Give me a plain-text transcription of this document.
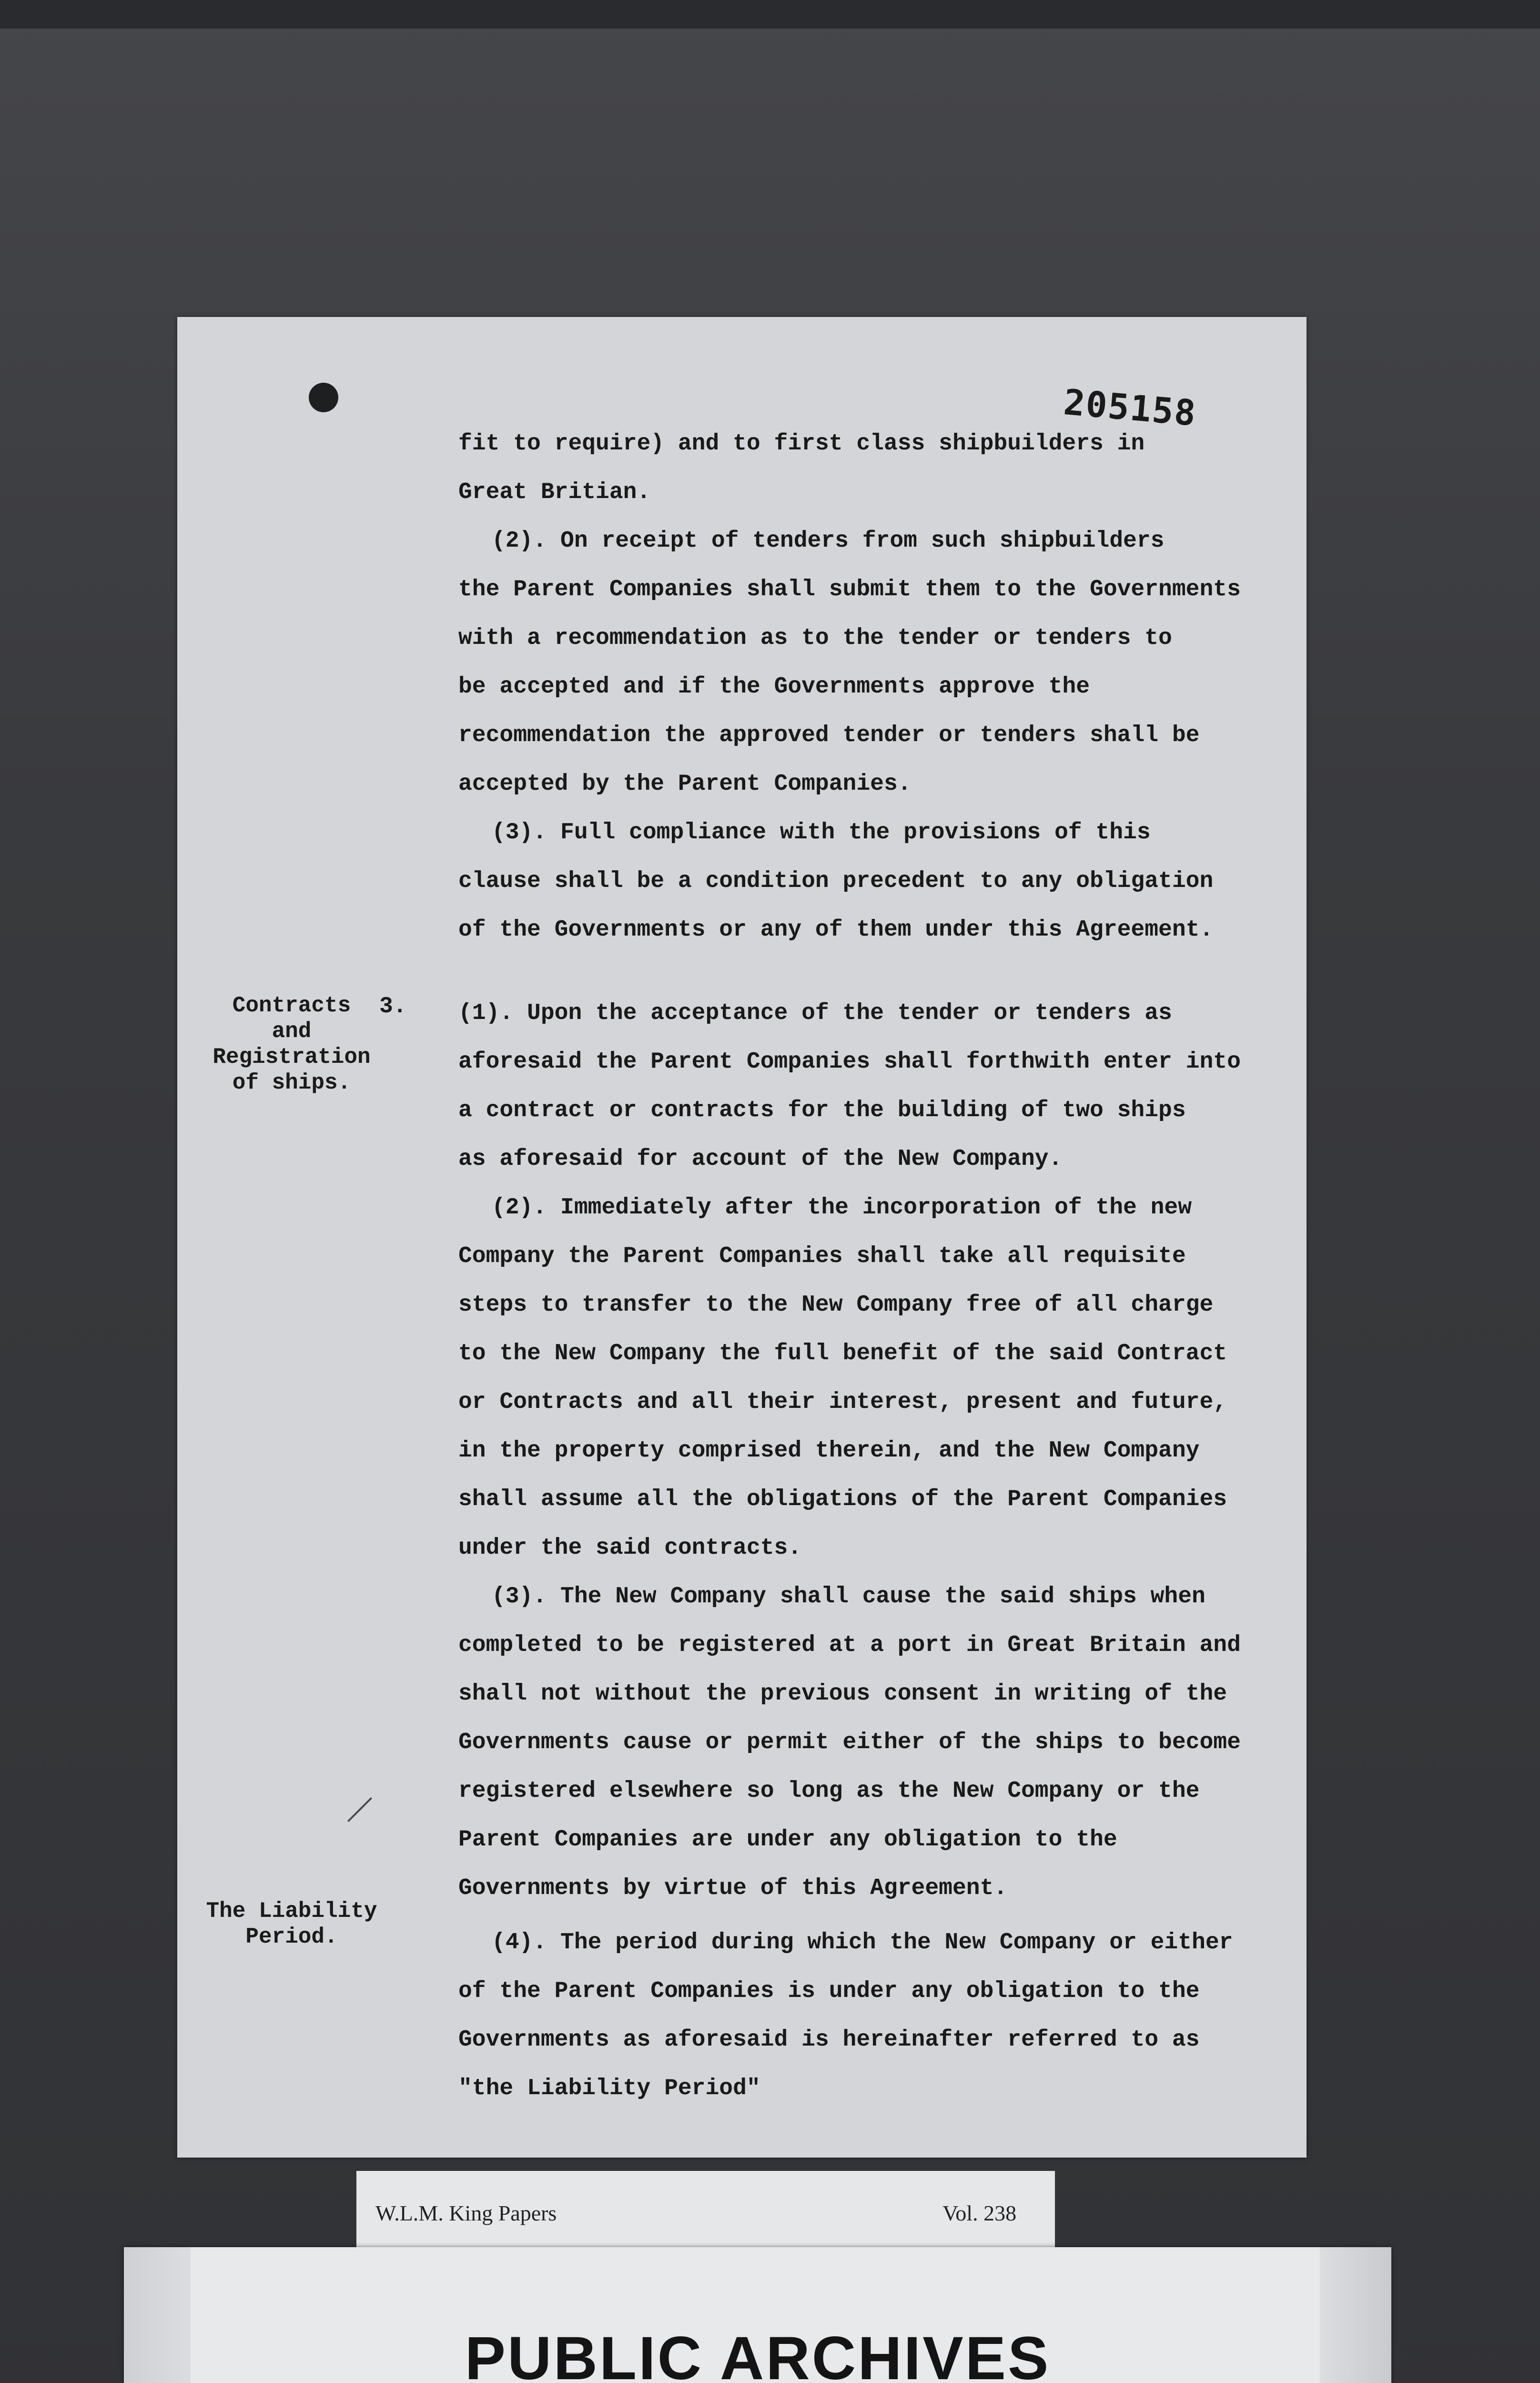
205158
fit to require) and to first class shipbuilders in
Great Britian.
(2). On receipt of tenders from such shipbuilders
the Parent Companies shall submit them to the Governments
with a recommendation as to the tender or tenders to
be accepted and if the Governments approve the
recommendation the approved tender or tenders shall be
accepted by the Parent Companies.
(3). Full compliance with the provisions of this
clause shall be a condition precedent to any obligation
of the Governments or any of them under this Agreement.
Contracts
and
Registration
of ships.
3. (1). Upon the acceptance of the tender or tenders as
aforesaid the Parent Companies shall forthwith enter into
a contract or contracts for the building of two ships
as aforesaid for account of the New Company.
(2). Immediately after the incorporation of the new
Company the Parent Companies shall take all requisite
steps to transfer to the New Company free of all charge
to the New Company the full benefit of the said Contract
or Contracts and all their interest, present and future,
in the property comprised therein, and the New Company
shall assume all the obligations of the Parent Companies
under the said contracts.
(3). The New Company shall cause the said ships when
completed to be registered at a port in Great Britain and
shall not without the previous consent in writing of the
Governments cause or permit either of the ships to become
registered elsewhere so long as the New Company or the
Parent Companies are under any obligation to the
Governments by virtue of this Agreement.
The Liability
Period.	(4). The period during which the New Company or either
of the Parent Companies is under any obligation to the
Governments as aforesaid is hereinafter referred to as
"the Liability Period"
W.L.M. King Papers	Vol. 238
PUBLIC ARCHIVES
